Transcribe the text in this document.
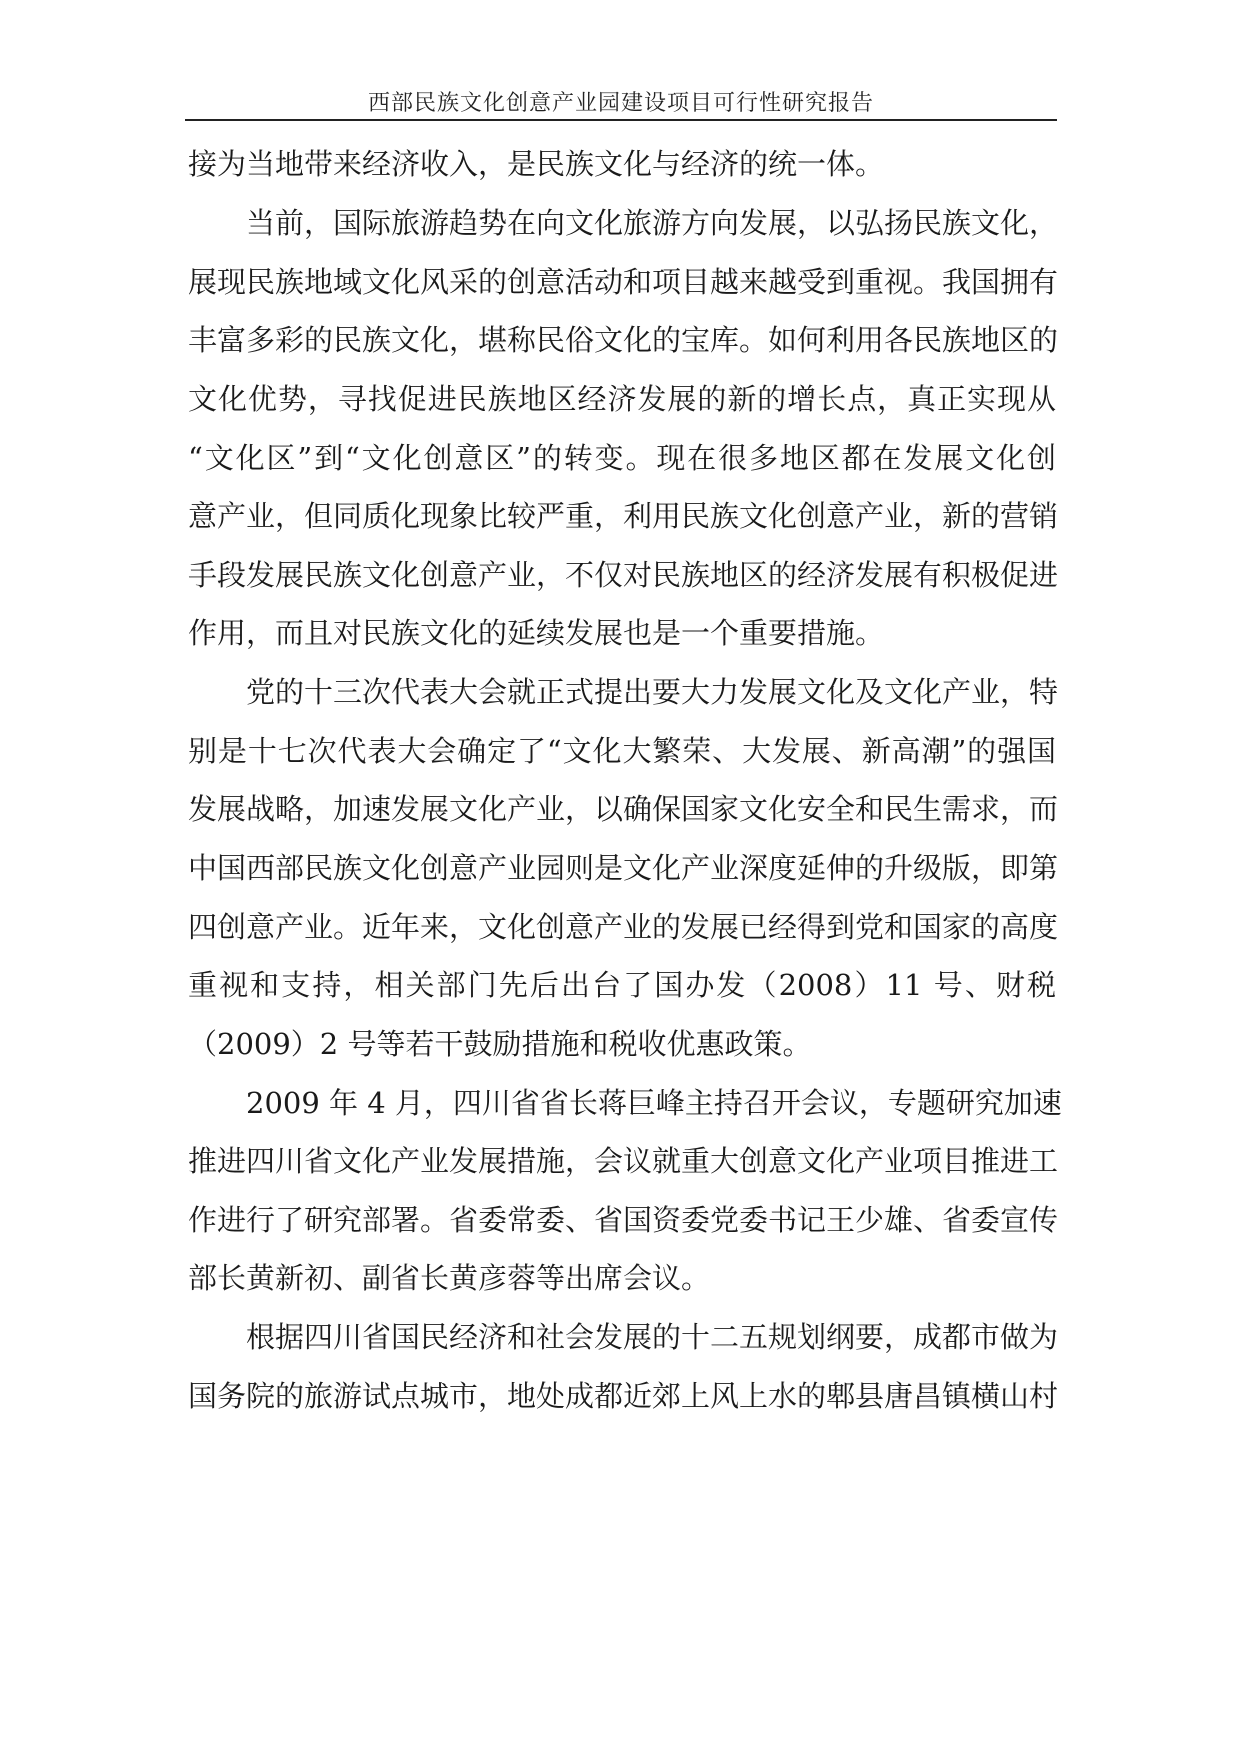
西部民族文化创意产业园建设项目可行性研究报告
接为当地带来经济收入，是民族文化与经济的统一体。
当前，国际旅游趋势在向文化旅游方向发展，以弘扬民族文化，
展现民族地域文化风采的创意活动和项目越来越受到重视。我国拥有
丰富多彩的民族文化，堪称民俗文化的宝库。如何利用各民族地区的
文化优势，寻找促进民族地区经济发展的新的增长点，真正实现从
“文化区”到“文化创意区”的转变。现在很多地区都在发展文化创
意产业，但同质化现象比较严重，利用民族文化创意产业，新的营销
手段发展民族文化创意产业，不仅对民族地区的经济发展有积极促进
作用，而且对民族文化的延续发展也是一个重要措施。
党的十三次代表大会就正式提出要大力发展文化及文化产业，特
别是十七次代表大会确定了“文化大繁荣、大发展、新高潮”的强国
发展战略，加速发展文化产业，以确保国家文化安全和民生需求，而
中国西部民族文化创意产业园则是文化产业深度延伸的升级版，即第
四创意产业。近年来，文化创意产业的发展已经得到党和国家的高度
重视和支持，相关部门先后出台了国办发（2008）11 号、财税
（2009）2 号等若干鼓励措施和税收优惠政策。
2009 年 4 月，四川省省长蒋巨峰主持召开会议，专题研究加速
推进四川省文化产业发展措施，会议就重大创意文化产业项目推进工
作进行了研究部署。省委常委、省国资委党委书记王少雄、省委宣传
部长黄新初、副省长黄彦蓉等出席会议。
根据四川省国民经济和社会发展的十二五规划纲要，成都市做为
国务院的旅游试点城市，地处成都近郊上风上水的郫县唐昌镇横山村
